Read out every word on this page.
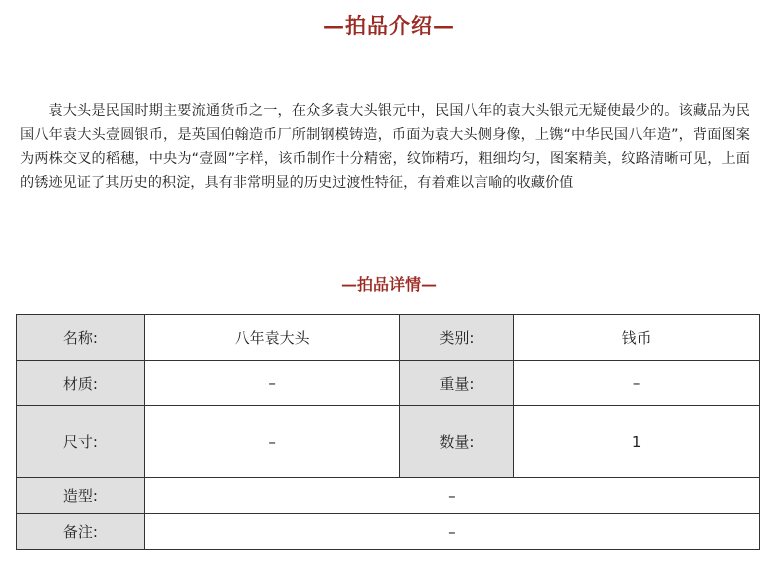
—拍品介绍—

袁大头是民国时期主要流通货币之一，在众多袁大头银元中，民国八年的袁大头银元无疑使最少的。该藏品为民国八年袁大头壹圆银币，是英国伯翰造币厂所制钢模铸造，币面为袁大头侧身像，上镌“中华民国八年造”，背面图案为两株交叉的稻穗，中央为“壹圆”字样，该币制作十分精密，纹饰精巧，粗细均匀，图案精美，纹路清晰可见，上面的锈迹见证了其历史的积淀，具有非常明显的历史过渡性特征，有着难以言喻的收藏价值

—拍品详情—
名称:	八年袁大头	类别:	钱币
材质:	–	重量:	–
尺寸:	–	数量:	1
造型:	–		
备注:	–		
